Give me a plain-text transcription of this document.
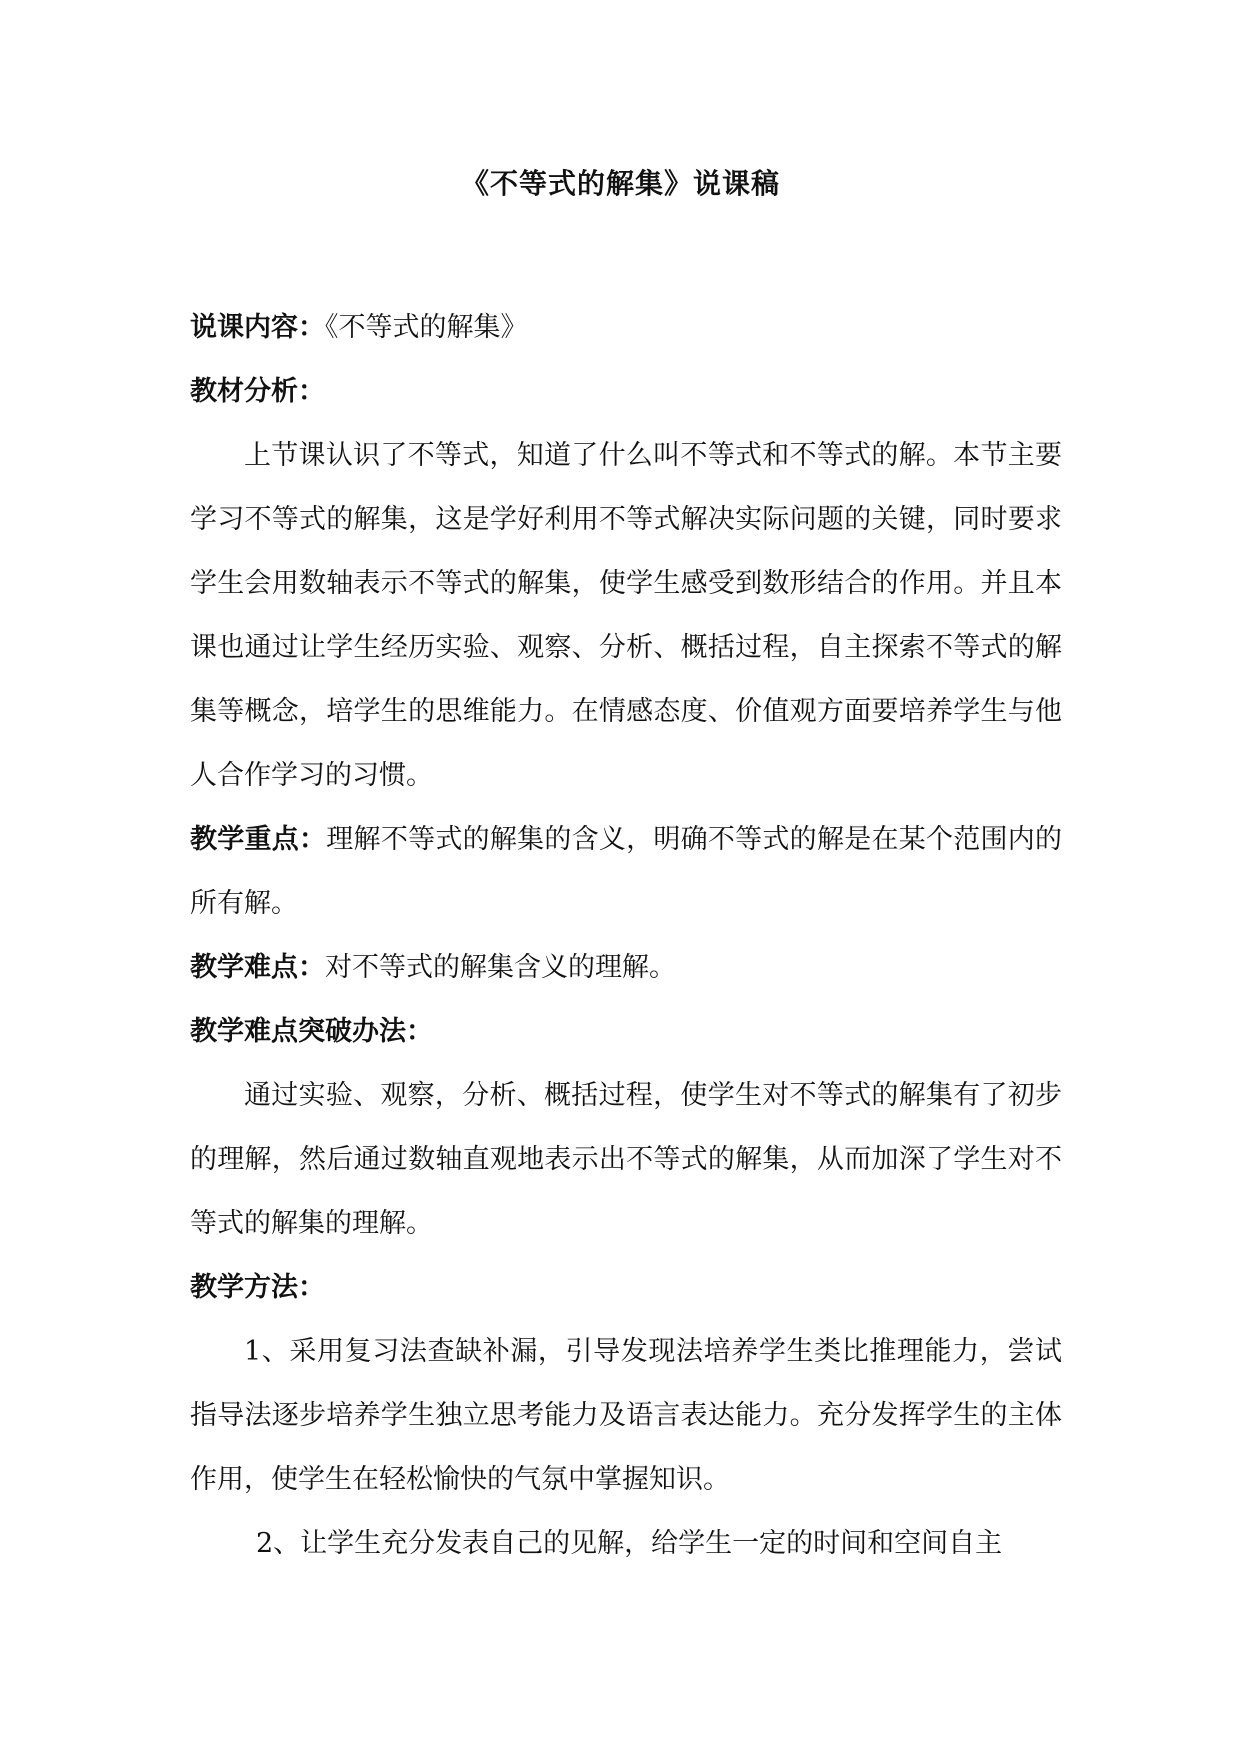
《不等式的解集》说课稿

说课内容：《不等式的解集》

教材分析：

上节课认识了不等式，知道了什么叫不等式和不等式的解。本节主要学习不等式的解集，这是学好利用不等式解决实际问题的关键，同时要求学生会用数轴表示不等式的解集，使学生感受到数形结合的作用。并且本课也通过让学生经历实验、观察、分析、概括过程，自主探索不等式的解集等概念，培学生的思维能力。在情感态度、价值观方面要培养学生与他人合作学习的习惯。

教学重点：理解不等式的解集的含义，明确不等式的解是在某个范围内的所有解。

教学难点：对不等式的解集含义的理解。

教学难点突破办法：

通过实验、观察，分析、概括过程，使学生对不等式的解集有了初步的理解，然后通过数轴直观地表示出不等式的解集，从而加深了学生对不等式的解集的理解。

教学方法：

1、采用复习法查缺补漏，引导发现法培养学生类比推理能力，尝试指导法逐步培养学生独立思考能力及语言表达能力。充分发挥学生的主体作用，使学生在轻松愉快的气氛中掌握知识。

2、让学生充分发表自己的见解，给学生一定的时间和空间自主
